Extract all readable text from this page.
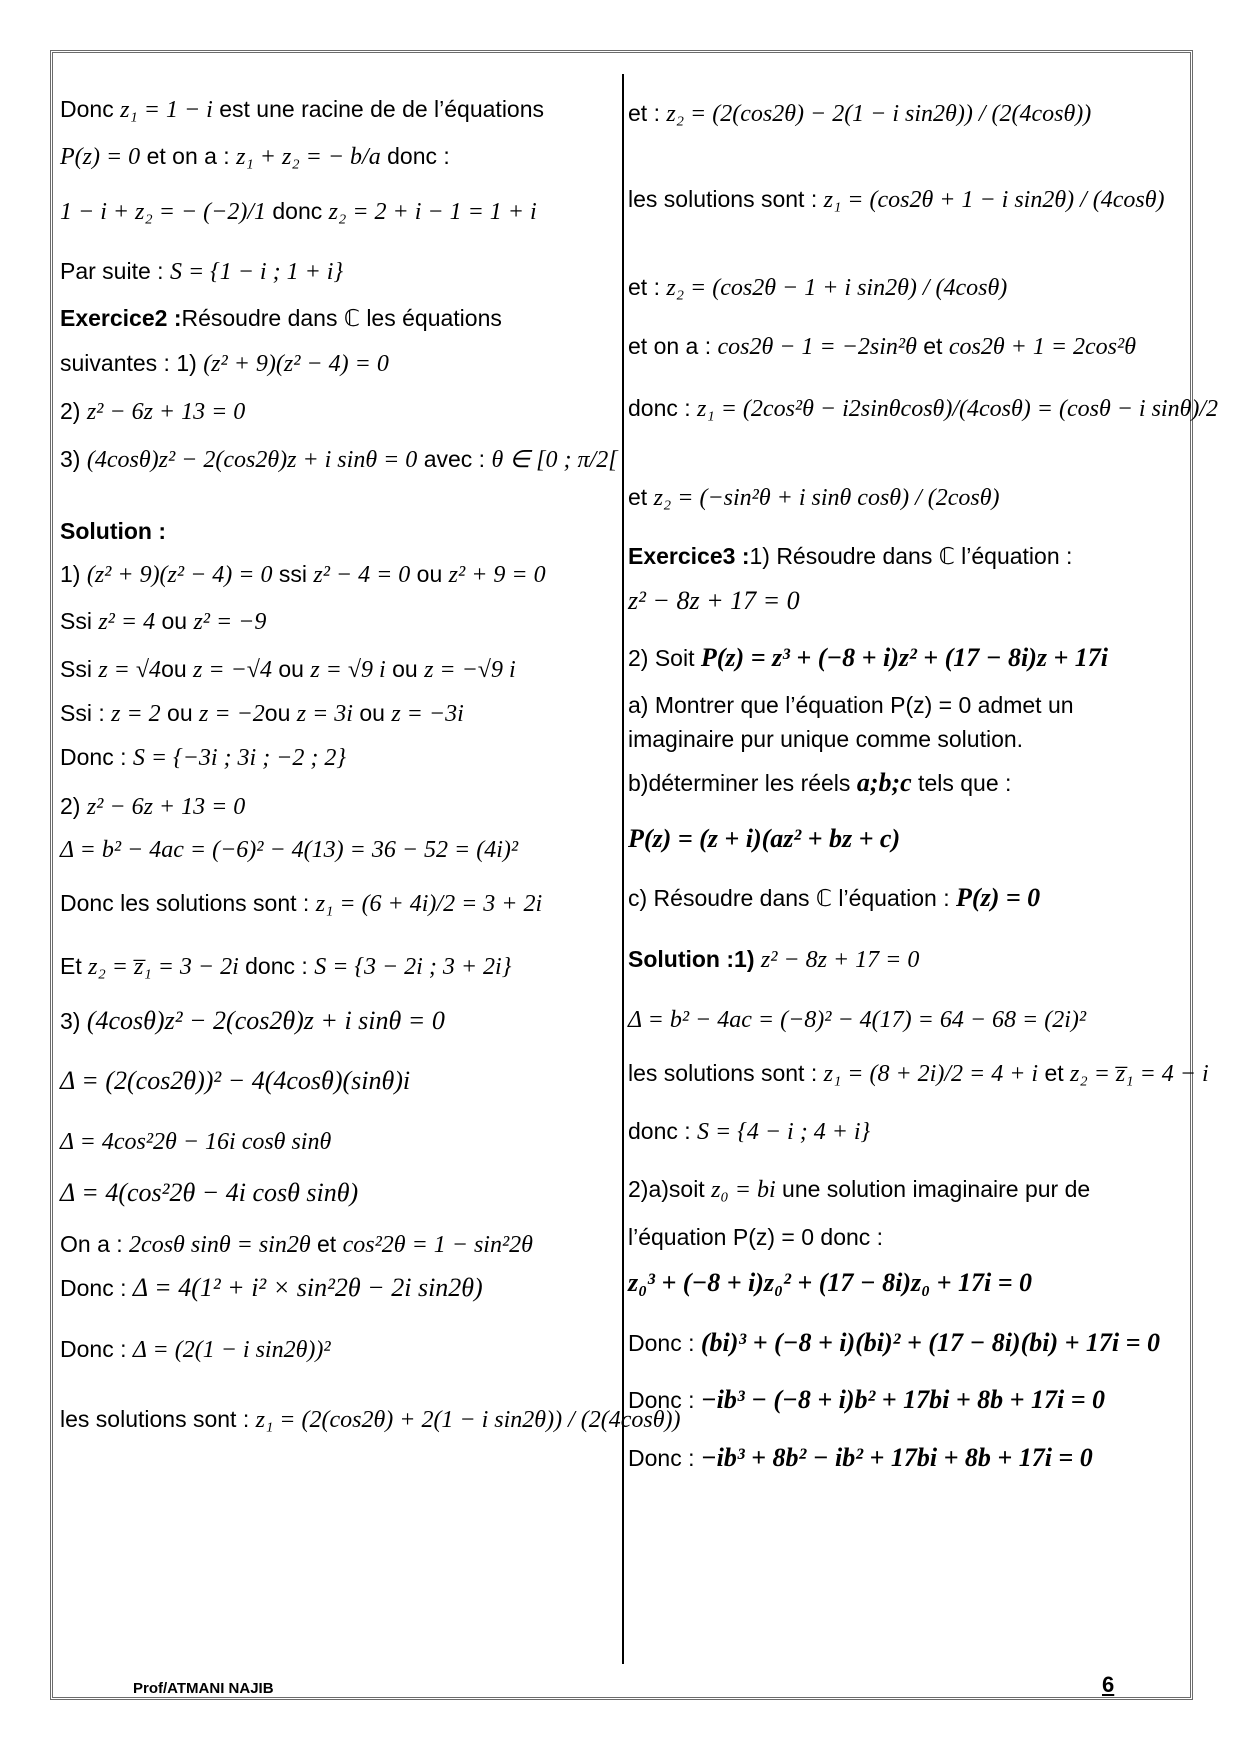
Donc z₁ = 1 − i est une racine de de l’équations
P(z) = 0 et on a : z₁ + z₂ = − b/a donc :
1 − i + z₂ = − (−2)/1 donc z₂ = 2 + i − 1 = 1 + i
Par suite : S = {1 − i ; 1 + i}
Exercice2 :Résoudre dans ℂ les équations
suivantes : 1) (z² + 9)(z² − 4) = 0
2) z² − 6z + 13 = 0
3) (4cosθ)z² − 2(cos2θ)z + i sinθ = 0 avec : θ ∈ [0 ; π/2[
Solution :
1) (z² + 9)(z² − 4) = 0 ssi z² − 4 = 0 ou z² + 9 = 0
Ssi z² = 4 ou z² = −9
Ssi z = √4ou z = −√4 ou z = √9 i ou z = −√9 i
Ssi : z = 2 ou z = −2ou z = 3i ou z = −3i
Donc : S = {−3i ; 3i ; −2 ; 2}
2) z² − 6z + 13 = 0
Δ = b² − 4ac = (−6)² − 4(13) = 36 − 52 = (4i)²
Donc les solutions sont : z₁ = (6 + 4i)/2 = 3 + 2i
Et z₂ = z̅₁ = 3 − 2i donc : S = {3 − 2i ; 3 + 2i}
3) (4cosθ)z² − 2(cos2θ)z + i sinθ = 0
Δ = (2(cos2θ))² − 4(4cosθ)(sinθ)i
Δ = 4cos²2θ − 16i cosθ sinθ
Δ = 4(cos²2θ − 4i cosθ sinθ)
On a : 2cosθ sinθ = sin2θ et cos²2θ = 1 − sin²2θ
Donc : Δ = 4(1² + i² × sin²2θ − 2i sin2θ)
Donc : Δ = (2(1 − i sin2θ))²
les solutions sont : z₁ = (2(cos2θ) + 2(1 − i sin2θ)) / (2(4cosθ))
et : z₂ = (2(cos2θ) − 2(1 − i sin2θ)) / (2(4cosθ))
les solutions sont : z₁ = (cos2θ + 1 − i sin2θ) / (4cosθ)
et : z₂ = (cos2θ − 1 + i sin2θ) / (4cosθ)
et on a : cos2θ − 1 = −2sin²θ et cos2θ + 1 = 2cos²θ
donc : z₁ = (2cos²θ − i2sinθcosθ)/(4cosθ) = (cosθ − i sinθ)/2
et z₂ = (−sin²θ + i sinθ cosθ) / (2cosθ)
Exercice3 :1) Résoudre dans ℂ l’équation :
z² − 8z + 17 = 0
2) Soit P(z) = z³ + (−8 + i)z² + (17 − 8i)z + 17i
a) Montrer que l’équation P(z) = 0 admet un
imaginaire pur unique comme solution.
b)déterminer les réels a;b;c tels que :
P(z) = (z + i)(az² + bz + c)
c) Résoudre dans ℂ l’équation : P(z) = 0
Solution :1) z² − 8z + 17 = 0
Δ = b² − 4ac = (−8)² − 4(17) = 64 − 68 = (2i)²
les solutions sont : z₁ = (8 + 2i)/2 = 4 + i et z₂ = z̅₁ = 4 − i
donc : S = {4 − i ; 4 + i}
2)a)soit z₀ = bi une solution imaginaire pur de
l’équation P(z) = 0 donc :
z₀³ + (−8 + i)z₀² + (17 − 8i)z₀ + 17i = 0
Donc : (bi)³ + (−8 + i)(bi)² + (17 − 8i)(bi) + 17i = 0
Donc : −ib³ − (−8 + i)b² + 17bi + 8b + 17i = 0
Donc : −ib³ + 8b² − ib² + 17bi + 8b + 17i = 0
Prof/ATMANI NAJIB	6
